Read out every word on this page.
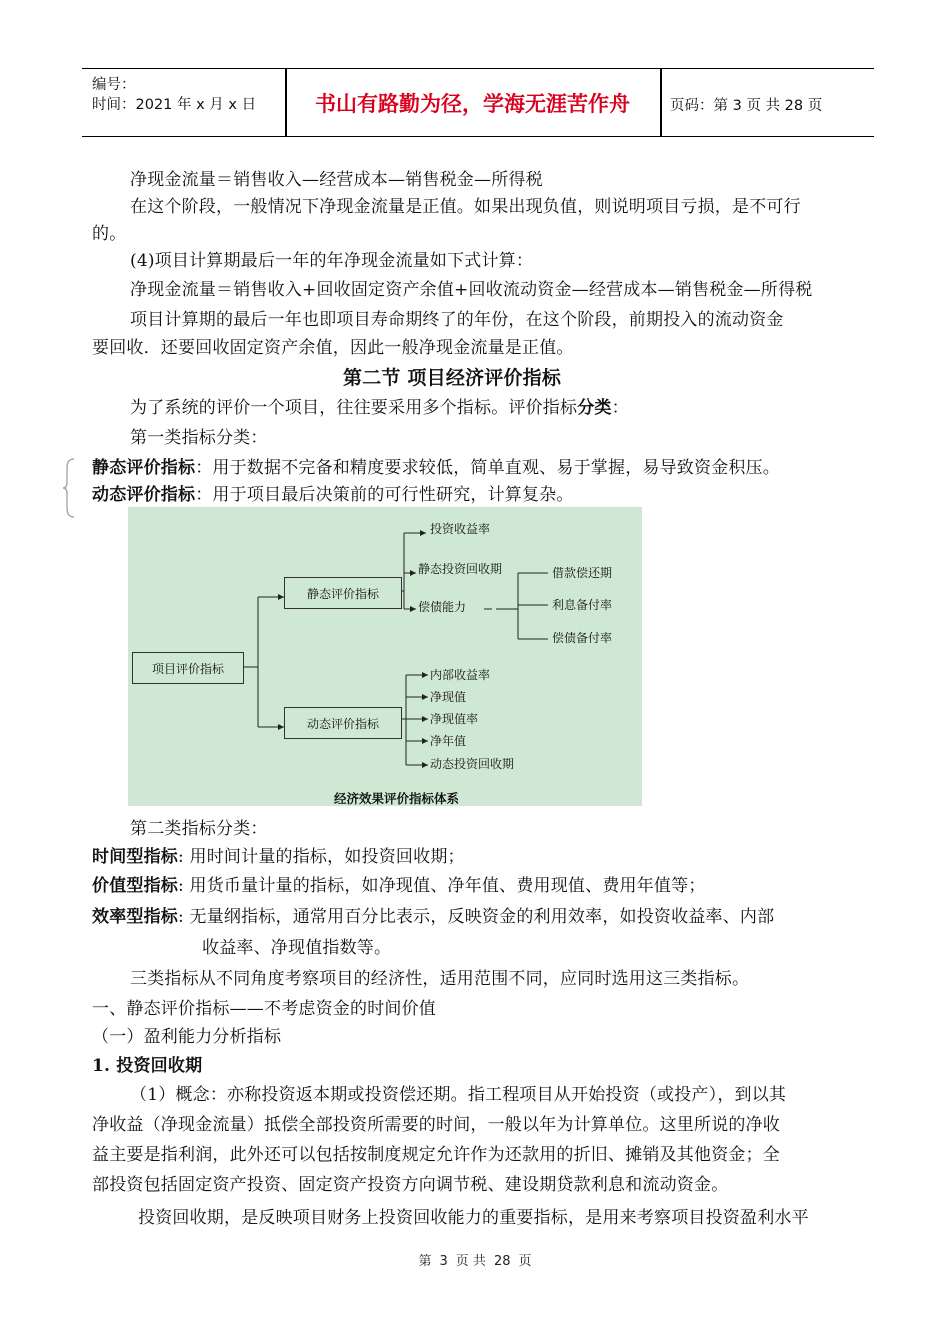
编号：
时间：2021 年 x 月 x 日	书山有路勤为径，学海无涯苦作舟	页码：第 3 页 共 28 页
净现金流量＝销售收入—经营成本—销售税金—所得税
在这个阶段，一般情况下净现金流量是正值。如果出现负值，则说明项目亏损，是不可行
的。
(4)项目计算期最后一年的年净现金流量如下式计算：
净现金流量＝销售收入+回收固定资产余值+回收流动资金—经营成本—销售税金—所得税
项目计算期的最后一年也即项目寿命期终了的年份，在这个阶段，前期投入的流动资金
要回收．还要回收固定资产余值，因此一般净现金流量是正值。
第二节 项目经济评价指标
为了系统的评价一个项目，往往要采用多个指标。评价指标分类：
第一类指标分类：
静态评价指标：用于数据不完备和精度要求较低，简单直观、易于掌握，易导致资金积压。
动态评价指标：用于项目最后决策前的可行性研究，计算复杂。
项目评价指标
静态评价指标
动态评价指标
投资收益率
静态投资回收期
偿债能力
借款偿还期
利息备付率
偿债备付率
内部收益率
净现值
净现值率
净年值
动态投资回收期
经济效果评价指标体系
第二类指标分类：
时间型指标: 用时间计量的指标，如投资回收期；
价值型指标: 用货币量计量的指标，如净现值、净年值、费用现值、费用年值等；
效率型指标: 无量纲指标，通常用百分比表示，反映资金的利用效率，如投资收益率、内部
收益率、净现值指数等。
三类指标从不同角度考察项目的经济性，适用范围不同，应同时选用这三类指标。
一、静态评价指标——不考虑资金的时间价值
（一）盈利能力分析指标
1. 投资回收期
（1）概念：亦称投资返本期或投资偿还期。指工程项目从开始投资（或投产），到以其
净收益（净现金流量）抵偿全部投资所需要的时间，一般以年为计算单位。这里所说的净收
益主要是指利润，此外还可以包括按制度规定允许作为还款用的折旧、摊销及其他资金；全
部投资包括固定资产投资、固定资产投资方向调节税、建设期贷款利息和流动资金。
投资回收期，是反映项目财务上投资回收能力的重要指标，是用来考察项目投资盈利水平
第 3 页 共 28 页
